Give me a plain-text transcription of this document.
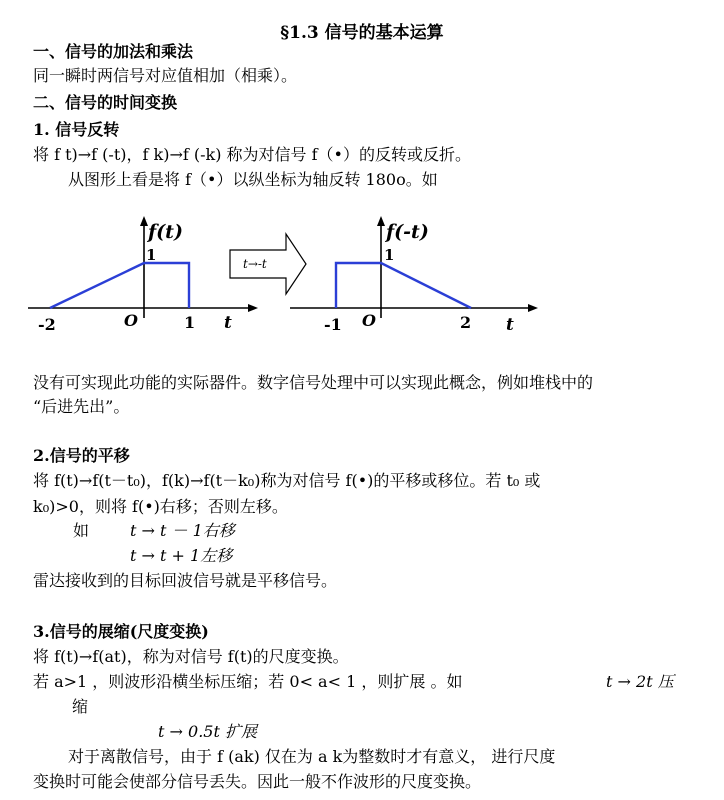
§1.3 信号的基本运算
一、信号的加法和乘法
同一瞬时两信号对应值相加（相乘）。
二、信号的时间变换
1. 信号反转
将 f t)→f (-t)，f k)→f (-k) 称为对信号 f（•）的反转或反折。
从图形上看是将 f（•）以纵坐标为轴反转 180o。如
f(t)
1
O
-2	1 t
t→-t
f(-t)
1
O
-1	2 t
没有可实现此功能的实际器件。数字信号处理中可以实现此概念，例如堆栈中的
“后进先出”。
2.信号的平移
将 f(t)→f(t－t₀)，f(k)→f(t－k₀)称为对信号 f(•)的平移或移位。若 t₀ 或
k₀)>0，则将 f(•)右移；否则左移。
如	t → t － 1右移
t → t + 1左移
雷达接收到的目标回波信号就是平移信号。
3.信号的展缩(尺度变换)
将 f(t)→f(at)，称为对信号 f(t)的尺度变换。
若 a>1 ，则波形沿横坐标压缩；若 0< a< 1 ，则扩展 。如	t → 2t 压
缩
t → 0.5t 扩展
对于离散信号，由于 f (ak) 仅在为 a k为整数时才有意义， 进行尺度
变换时可能会使部分信号丢失。因此一般不作波形的尺度变换。
